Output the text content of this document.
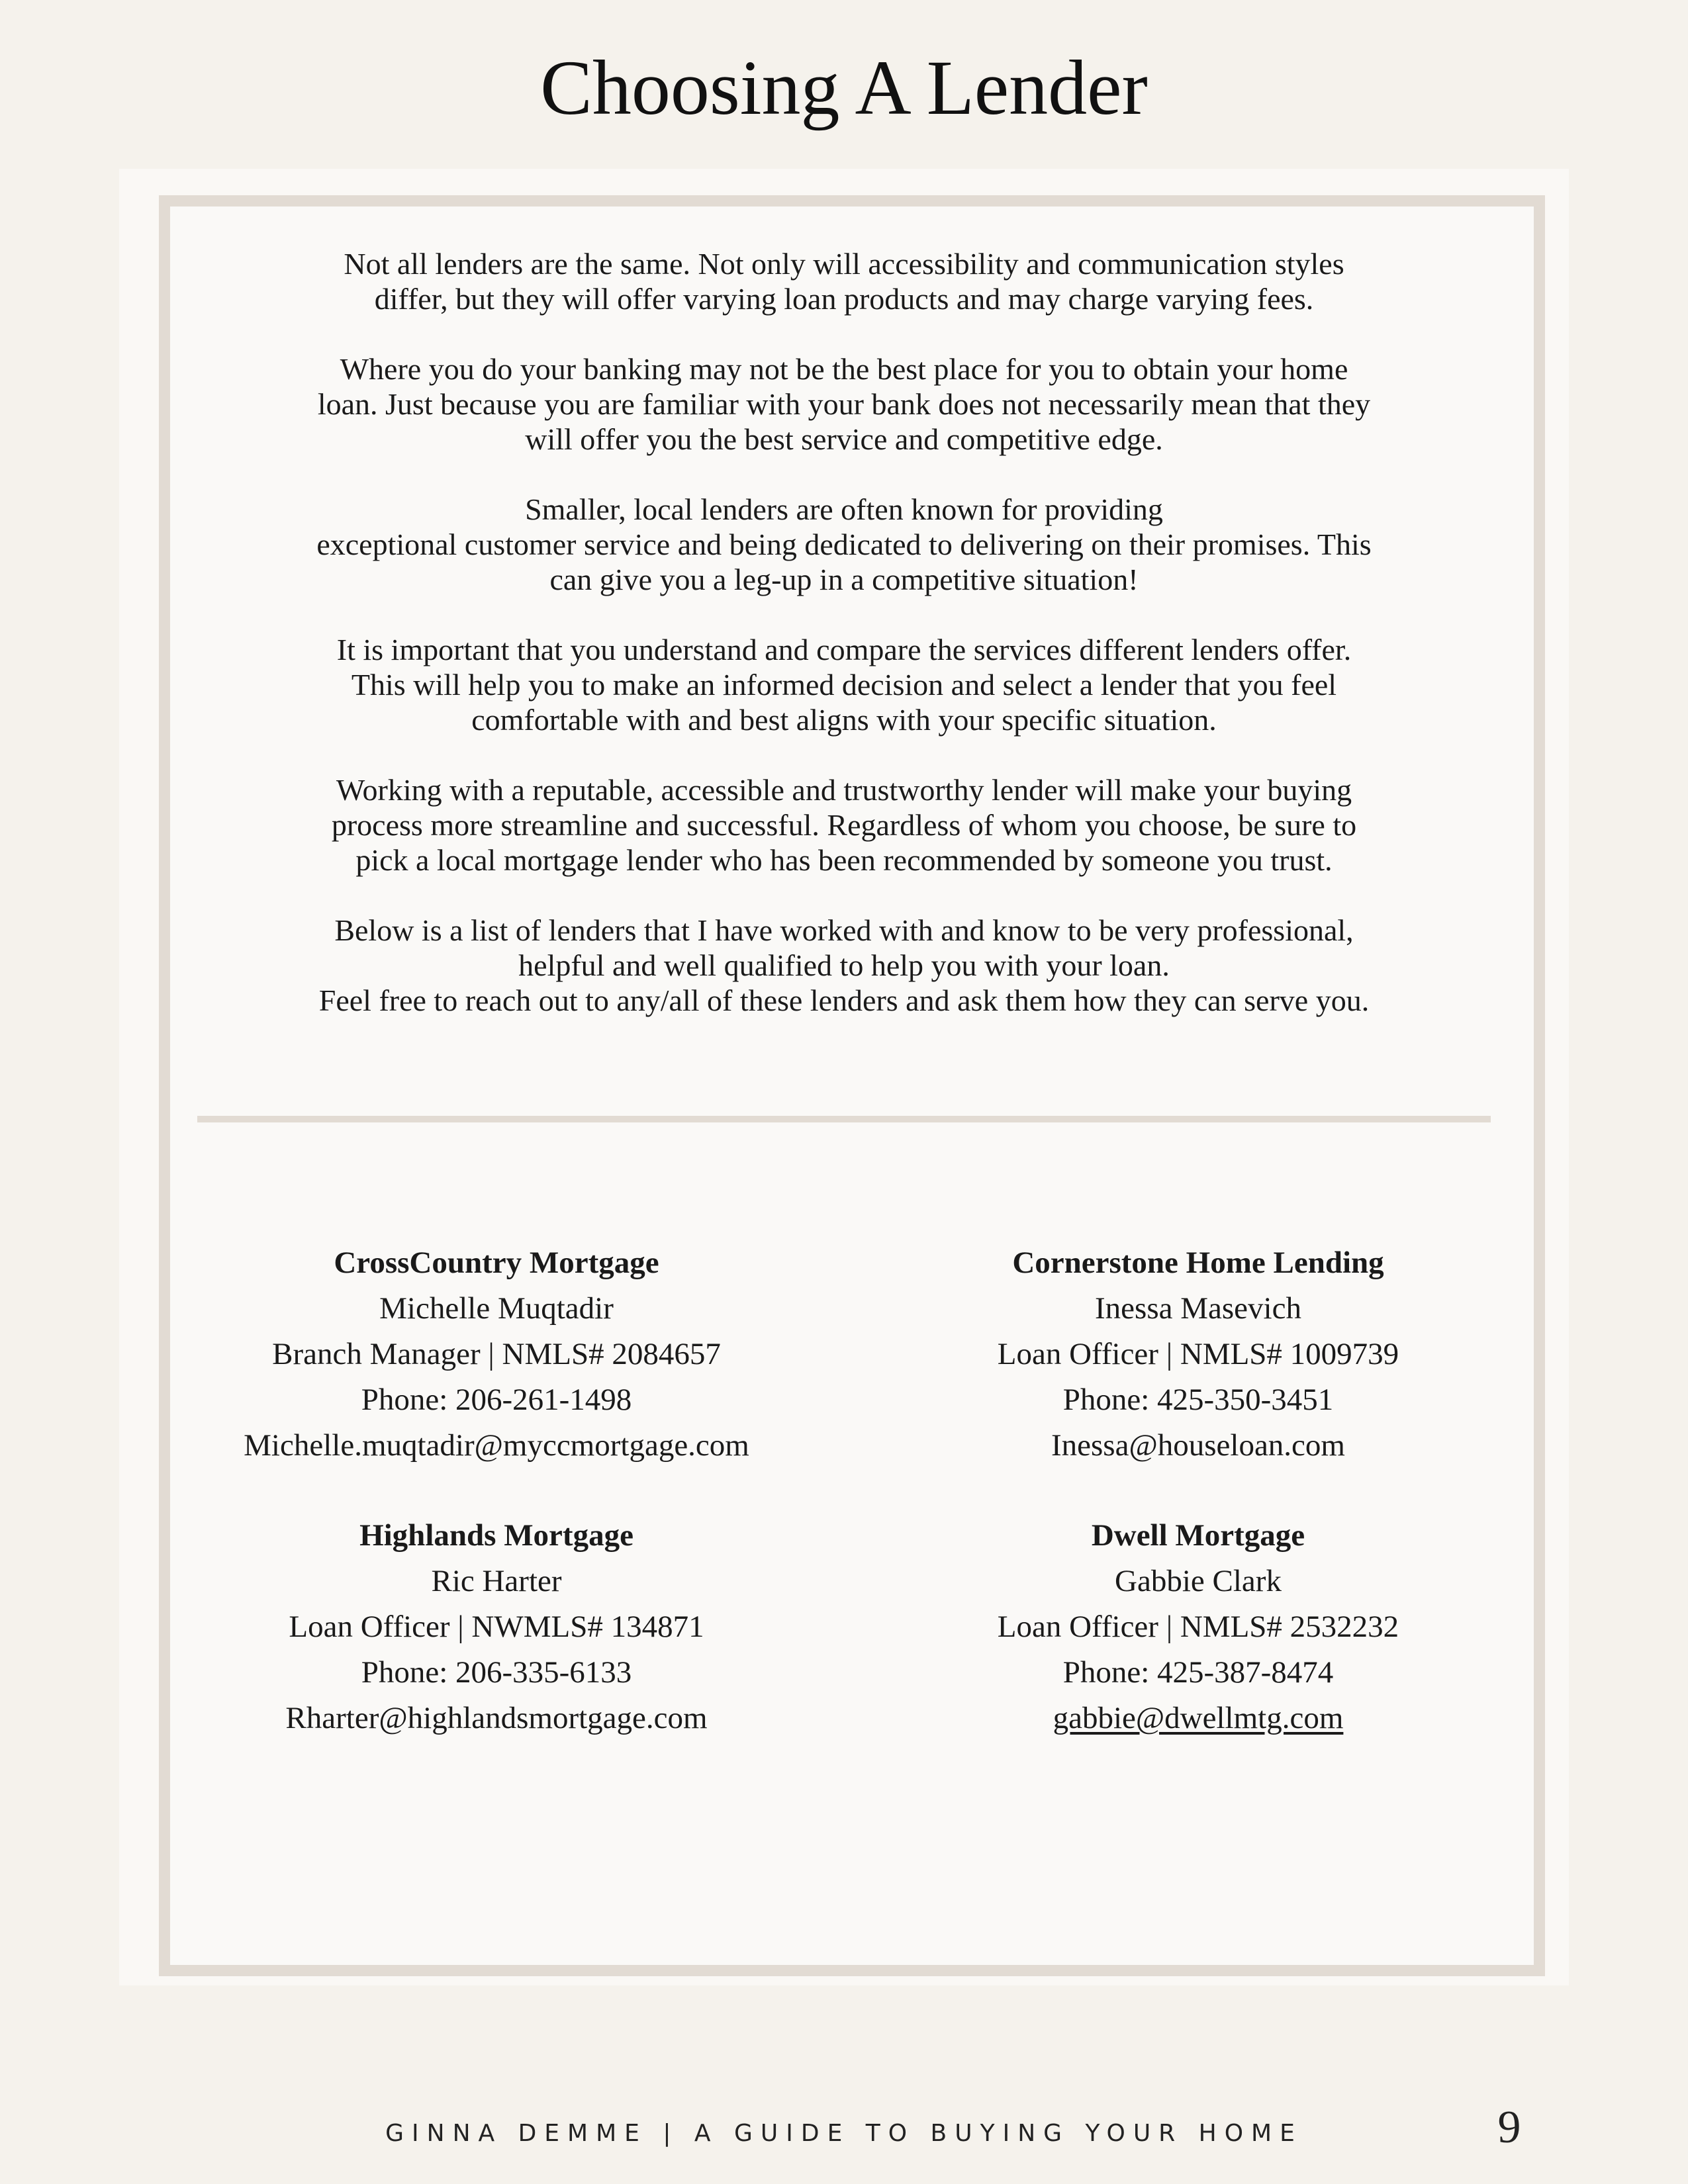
Choosing A Lender

Not all lenders are the same. Not only will accessibility and communication styles
differ, but they will offer varying loan products and may charge varying fees.

Where you do your banking may not be the best place for you to obtain your home
loan. Just because you are familiar with your bank does not necessarily mean that they
will offer you the best service and competitive edge.

Smaller, local lenders are often known for providing
exceptional customer service and being dedicated to delivering on their promises. This
can give you a leg-up in a competitive situation!

It is important that you understand and compare the services different lenders offer.
This will help you to make an informed decision and select a lender that you feel
comfortable with and best aligns with your specific situation.

Working with a reputable, accessible and trustworthy lender will make your buying
process more streamline and successful. Regardless of whom you choose, be sure to
pick a local mortgage lender who has been recommended by someone you trust.

Below is a list of lenders that I have worked with and know to be very professional,
helpful and well qualified to help you with your loan.
Feel free to reach out to any/all of these lenders and ask them how they can serve you.

CrossCountry Mortgage
Michelle Muqtadir
Branch Manager | NMLS# 2084657
Phone: 206-261-1498
Michelle.muqtadir@myccmortgage.com
Cornerstone Home Lending
Inessa Masevich
Loan Officer | NMLS# 1009739
Phone: 425-350-3451
Inessa@houseloan.com
Highlands Mortgage
Ric Harter
Loan Officer | NWMLS# 134871
Phone: 206-335-6133
Rharter@highlandsmortgage.com
Dwell Mortgage
Gabbie Clark
Loan Officer | NMLS# 2532232
Phone: 425-387-8474
gabbie@dwellmtg.com
GINNA DEMME | A GUIDE TO BUYING YOUR HOME	9
